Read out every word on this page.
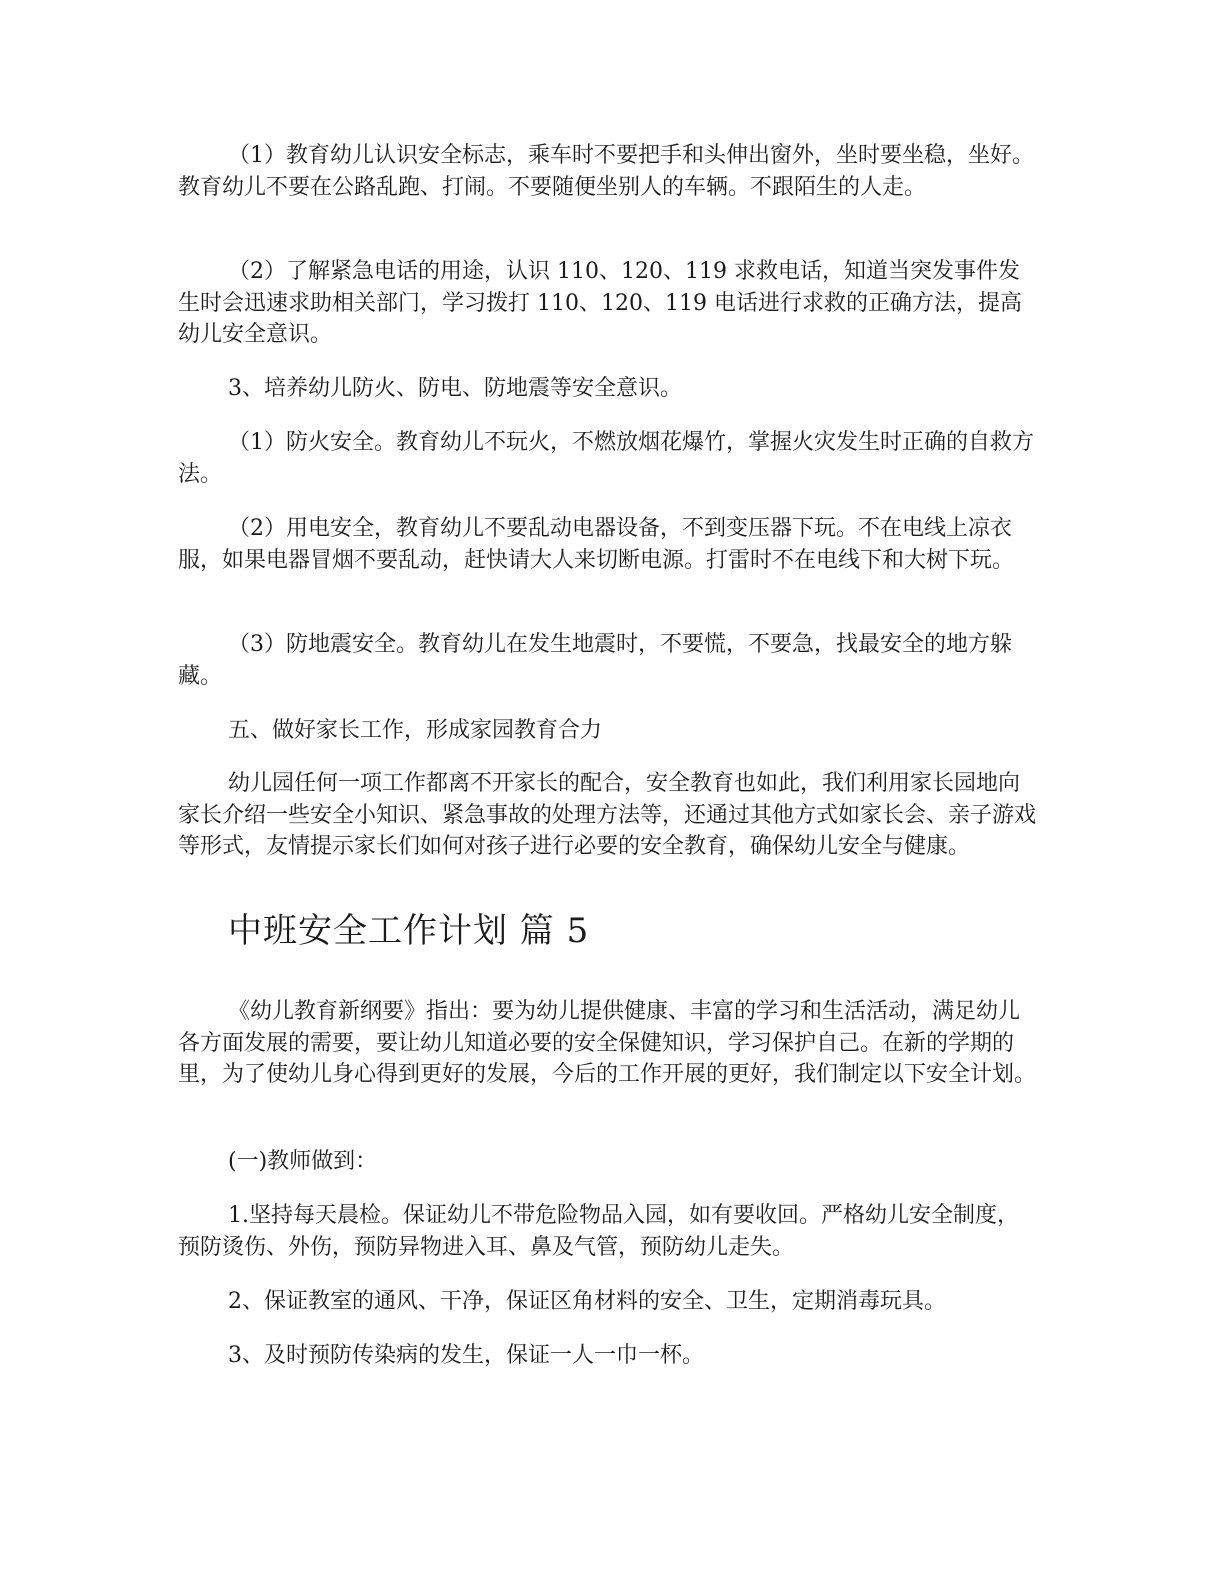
（1）教育幼儿认识安全标志，乘车时不要把手和头伸出窗外，坐时要坐稳，坐好。教育幼儿不要在公路乱跑、打闹。不要随便坐别人的车辆。不跟陌生的人走。

（2）了解紧急电话的用途，认识 110、120、119 求救电话，知道当突发事件发生时会迅速求助相关部门，学习拨打 110、120、119 电话进行求救的正确方法，提高幼儿安全意识。

3、培养幼儿防火、防电、防地震等安全意识。

（1）防火安全。教育幼儿不玩火，不燃放烟花爆竹，掌握火灾发生时正确的自救方法。

（2）用电安全，教育幼儿不要乱动电器设备，不到变压器下玩。不在电线上凉衣服，如果电器冒烟不要乱动，赶快请大人来切断电源。打雷时不在电线下和大树下玩。

（3）防地震安全。教育幼儿在发生地震时，不要慌，不要急，找最安全的地方躲藏。

五、做好家长工作，形成家园教育合力

幼儿园任何一项工作都离不开家长的配合，安全教育也如此，我们利用家长园地向家长介绍一些安全小知识、紧急事故的处理方法等，还通过其他方式如家长会、亲子游戏等形式，友情提示家长们如何对孩子进行必要的安全教育，确保幼儿安全与健康。

中班安全工作计划 篇 5

《幼儿教育新纲要》指出：要为幼儿提供健康、丰富的学习和生活活动，满足幼儿各方面发展的需要，要让幼儿知道必要的安全保健知识，学习保护自己。在新的学期的里，为了使幼儿身心得到更好的发展，今后的工作开展的更好，我们制定以下安全计划。

(一)教师做到：

1.坚持每天晨检。保证幼儿不带危险物品入园，如有要收回。严格幼儿安全制度，预防烫伤、外伤，预防异物进入耳、鼻及气管，预防幼儿走失。

2、保证教室的通风、干净，保证区角材料的安全、卫生，定期消毒玩具。

3、及时预防传染病的发生，保证一人一巾一杯。
